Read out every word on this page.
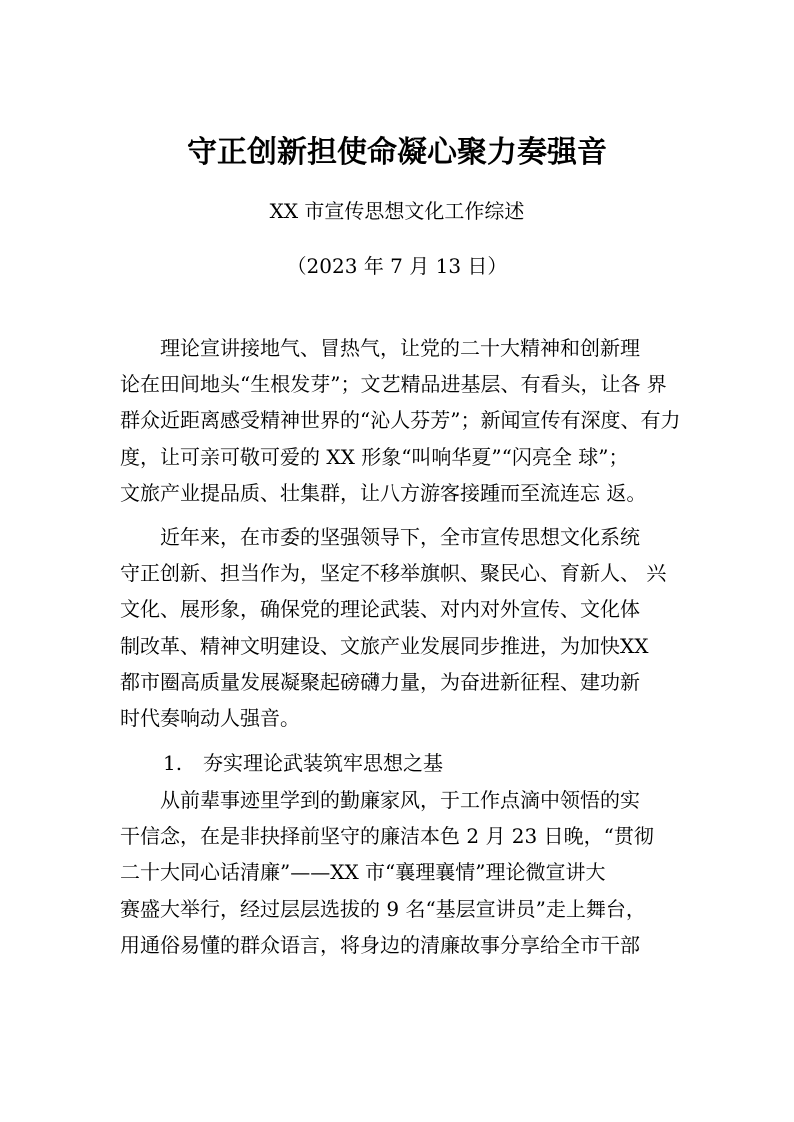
守正创新担使命凝心聚力奏强音
XX 市宣传思想文化工作综述
（2023 年 7 月 13 日）
　　理论宣讲接地气、冒热气，让党的二十大精神和创新理
论在田间地头“生根发芽”；文艺精品进基层、有看头，让各 界
群众近距离感受精神世界的“沁人芬芳”；新闻宣传有深度、有力
度，让可亲可敬可爱的 XX 形象“叫响华夏”“闪亮全 球”；
文旅产业提品质、壮集群，让八方游客接踵而至流连忘 返。
　　近年来，在市委的坚强领导下，全市宣传思想文化系统
守正创新、担当作为，坚定不移举旗帜、聚民心、育新人、 兴
文化、展形象，确保党的理论武装、对内对外宣传、文化体
制改革、精神文明建设、文旅产业发展同步推进，为加快XX
都市圈高质量发展凝聚起磅礴力量，为奋进新征程、建功新
时代奏响动人强音。
1. 夯实理论武装筑牢思想之基
　　从前辈事迹里学到的勤廉家风，于工作点滴中领悟的实
干信念，在是非抉择前坚守的廉洁本色 2 月 23 日晚，“贯彻
二十大同心话清廉”——XX 市“襄理襄情”理论微宣讲大
赛盛大举行，经过层层选拔的 9 名“基层宣讲员”走上舞台，
用通俗易懂的群众语言，将身边的清廉故事分享给全市干部
